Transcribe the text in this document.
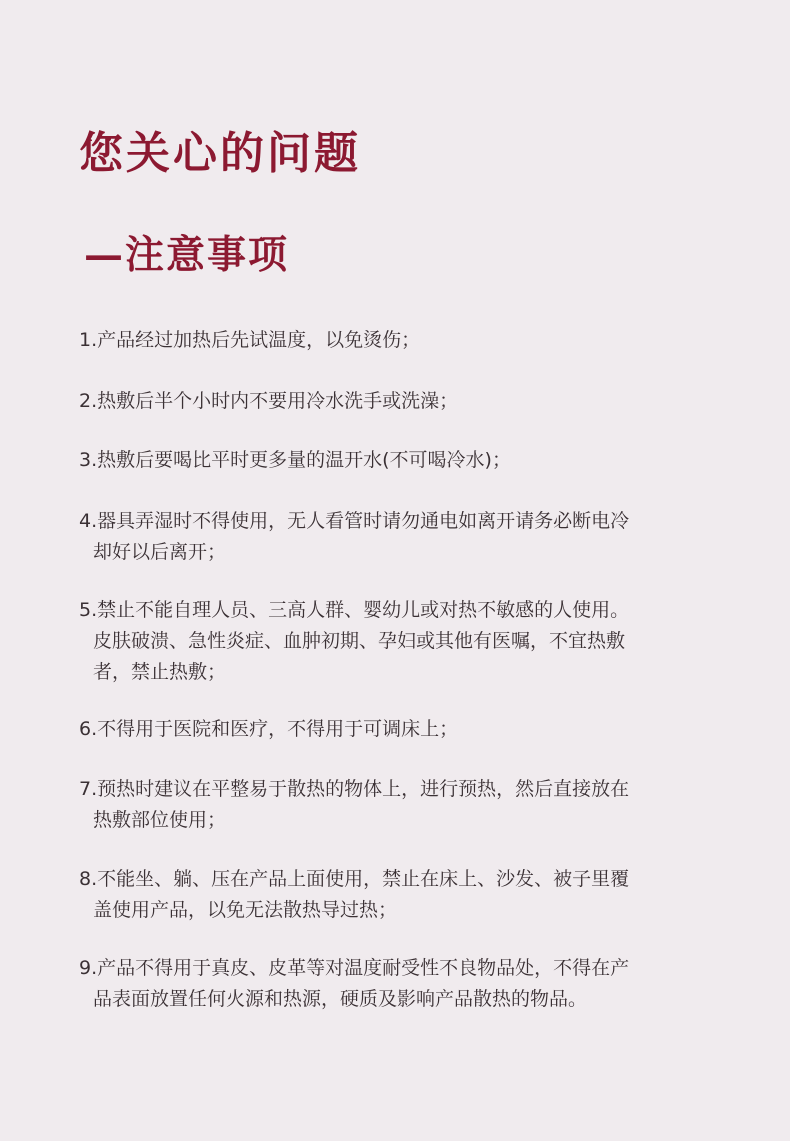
您关心的问题
—注意事项
1.产品经过加热后先试温度，以免烫伤；
2.热敷后半个小时内不要用冷水洗手或洗澡；
3.热敷后要喝比平时更多量的温开水(不可喝冷水)；
4.器具弄湿时不得使用，无人看管时请勿通电如离开请务必断电冷
却好以后离开；
5.禁止不能自理人员、三高人群、婴幼儿或对热不敏感的人使用。
皮肤破溃、急性炎症、血肿初期、孕妇或其他有医嘱，不宜热敷
者，禁止热敷；
6.不得用于医院和医疗，不得用于可调床上；
7.预热时建议在平整易于散热的物体上，进行预热，然后直接放在
热敷部位使用；
8.不能坐、躺、压在产品上面使用，禁止在床上、沙发、被子里覆
盖使用产品，以免无法散热导过热；
9.产品不得用于真皮、皮革等对温度耐受性不良物品处，不得在产
品表面放置任何火源和热源，硬质及影响产品散热的物品。
